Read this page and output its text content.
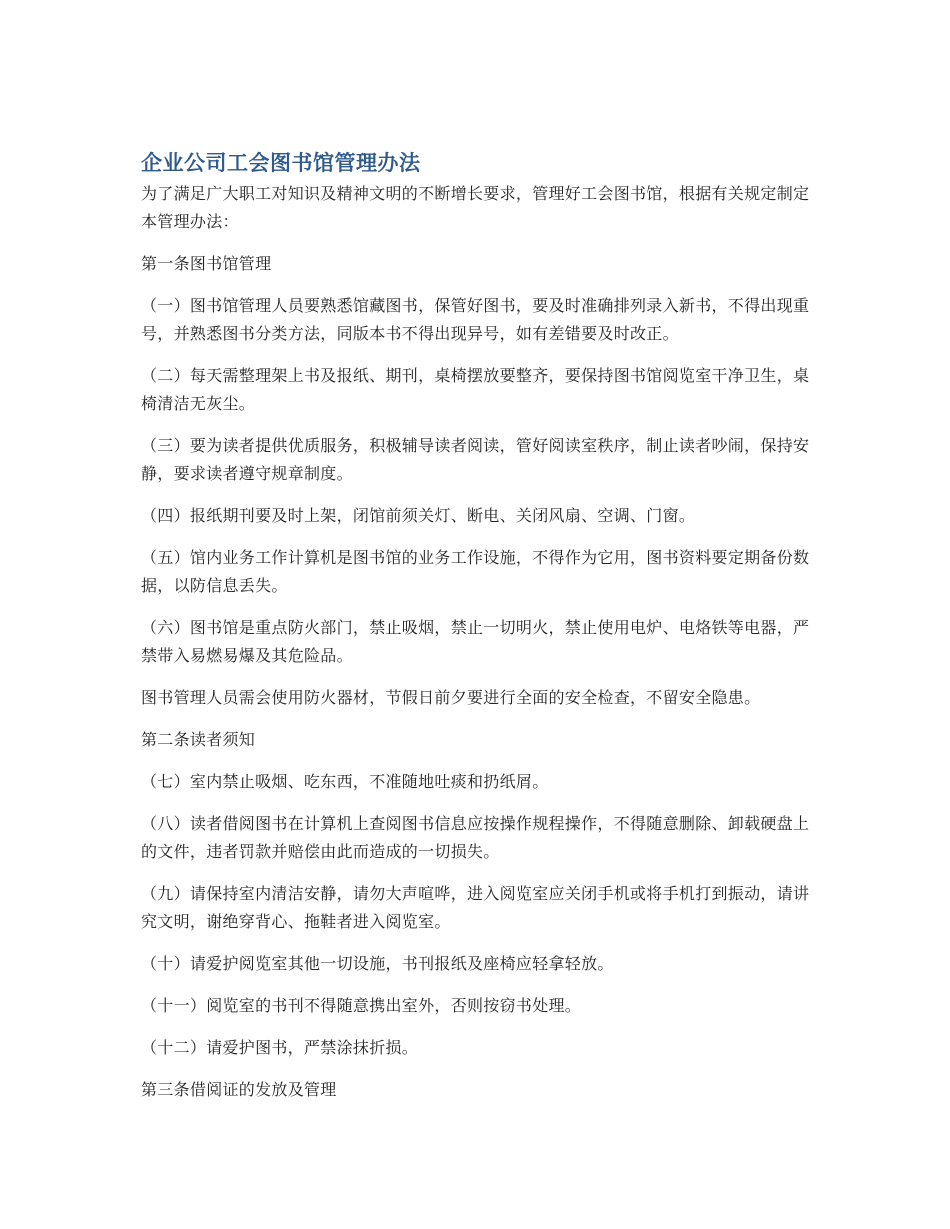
企业公司工会图书馆管理办法

为了满足广大职工对知识及精神文明的不断增长要求，管理好工会图书馆，根据有关规定制定本管理办法：

第一条图书馆管理

（一）图书馆管理人员要熟悉馆藏图书，保管好图书，要及时准确排列录入新书，不得出现重号，并熟悉图书分类方法，同版本书不得出现异号，如有差错要及时改正。

（二）每天需整理架上书及报纸、期刊，桌椅摆放要整齐，要保持图书馆阅览室干净卫生，桌椅清洁无灰尘。

（三）要为读者提供优质服务，积极辅导读者阅读，管好阅读室秩序，制止读者吵闹，保持安静，要求读者遵守规章制度。

（四）报纸期刊要及时上架，闭馆前须关灯、断电、关闭风扇、空调、门窗。

（五）馆内业务工作计算机是图书馆的业务工作设施，不得作为它用，图书资料要定期备份数据，以防信息丢失。

（六）图书馆是重点防火部门，禁止吸烟，禁止一切明火，禁止使用电炉、电烙铁等电器，严禁带入易燃易爆及其危险品。

图书管理人员需会使用防火器材，节假日前夕要进行全面的安全检查，不留安全隐患。

第二条读者须知

（七）室内禁止吸烟、吃东西，不准随地吐痰和扔纸屑。

（八）读者借阅图书在计算机上查阅图书信息应按操作规程操作，不得随意删除、卸载硬盘上的文件，违者罚款并赔偿由此而造成的一切损失。

（九）请保持室内清洁安静，请勿大声喧哗，进入阅览室应关闭手机或将手机打到振动，请讲究文明，谢绝穿背心、拖鞋者进入阅览室。

（十）请爱护阅览室其他一切设施，书刊报纸及座椅应轻拿轻放。

（十一）阅览室的书刊不得随意携出室外，否则按窃书处理。

（十二）请爱护图书，严禁涂抹折损。

第三条借阅证的发放及管理
